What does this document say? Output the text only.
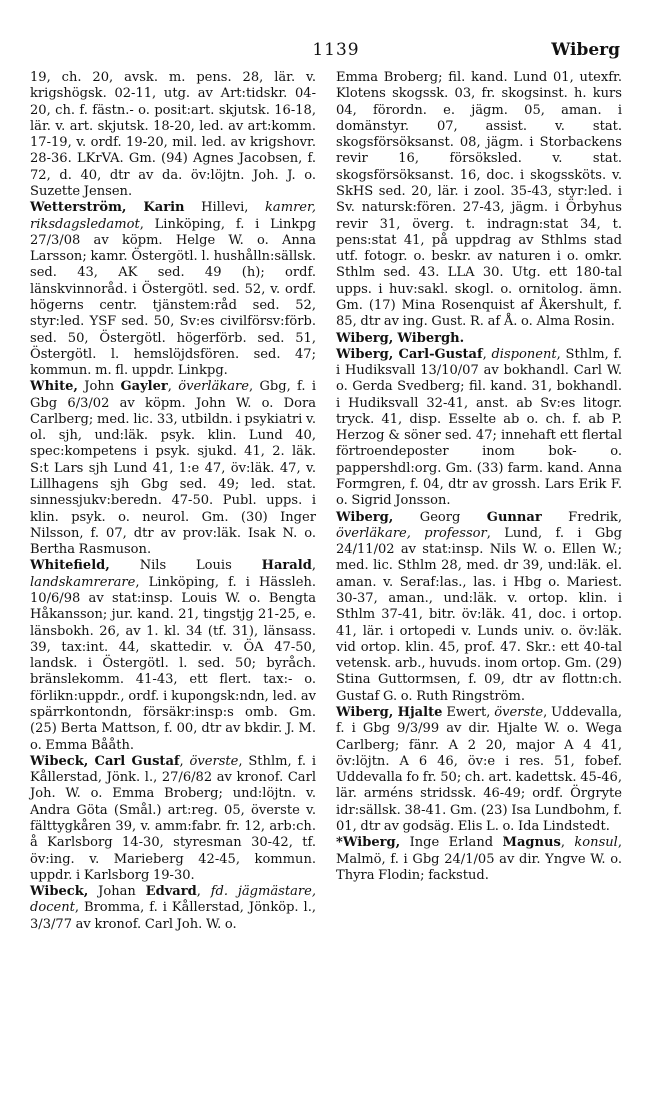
1139	Wiberg

19, ch. 20, avsk. m. pens. 28, lär. v. krigshögsk. 02-11, utg. av Art:tidskr. 04-20, ch. f. fästn.- o. posit:art. skjutsk. 16-18, lär. v. art. skjutsk. 18-20, led. av art:komm. 17-19, v. ordf. 19-20, mil. led. av krigshovr. 28-36. LKrVA. Gm. (94) Agnes Jacobsen, f. 72, d. 40, dtr av da. öv:löjtn. Joh. J. o. Suzette Jensen.

Wetterström, Karin Hillevi, kamrer, riksdagsledamot, Linköping, f. i Linkpg 27/3/08 av köpm. Helge W. o. Anna Larsson; kamr. Östergötl. l. hushålln:sällsk. sed. 43, AK sed. 49 (h); ordf. länskvinnoråd. i Östergötl. sed. 52, v. ordf. högerns centr. tjänstem:råd sed. 52, styr:led. YSF sed. 50, Sv:es civilförsv:förb. sed. 50, Östergötl. högerförb. sed. 51, Östergötl. l. hemslöjdsfören. sed. 47; kommun. m. fl. uppdr. Linkpg.

White, John Gayler, överläkare, Gbg, f. i Gbg 6/3/02 av köpm. John W. o. Dora Carlberg; med. lic. 33, utbildn. i psykiatri v. ol. sjh, und:läk. psyk. klin. Lund 40, spec:kompetens i psyk. sjukd. 41, 2. läk. S:t Lars sjh Lund 41, 1:e 47, öv:läk. 47, v. Lillhagens sjh Gbg sed. 49; led. stat. sinnessjukv:beredn. 47-50. Publ. upps. i klin. psyk. o. neurol. Gm. (30) Inger Nilsson, f. 07, dtr av prov:läk. Isak N. o. Bertha Rasmuson.

Whitefield, Nils Louis Harald, landskamrerare, Linköping, f. i Hässleh. 10/6/98 av stat:insp. Louis W. o. Bengta Håkansson; jur. kand. 21, tingstjg 21-25, e. länsbokh. 26, av 1. kl. 34 (tf. 31), länsass. 39, tax:int. 44, skattedir. v. ÖA 47-50, landsk. i Östergötl. l. sed. 50; byråch. bränslekomm. 41-43, ett flert. tax:- o. förlikn:uppdr., ordf. i kupongsk:ndn, led. av spärrkontondn, försäkr:insp:s omb. Gm. (25) Berta Mattson, f. 00, dtr av bkdir. J. M. o. Emma Bååth.

Wibeck, Carl Gustaf, överste, Sthlm, f. i Kållerstad, Jönk. l., 27/6/82 av kronof. Carl Joh. W. o. Emma Broberg; und:löjtn. v. Andra Göta (Smål.) art:reg. 05, överste v. fälttygkåren 39, v. amm:fabr. fr. 12, arb:ch. å Karlsborg 14-30, styresman 30-42, tf. öv:ing. v. Marieberg 42-45, kommun. uppdr. i Karlsborg 19-30.

Wibeck, Johan Edvard, fd. jägmästare, docent, Bromma, f. i Kållerstad, Jönköp. l., 3/3/77 av kronof. Carl Joh. W. o.

Emma Broberg; fil. kand. Lund 01, utexfr. Klotens skogssk. 03, fr. skogsinst. h. kurs 04, förordn. e. jägm. 05, aman. i domänstyr. 07, assist. v. stat. skogsförsöksanst. 08, jägm. i Storbackens revir 16, försöksled. v. stat. skogsförsöksanst. 16, doc. i skogssköts. v. SkHS sed. 20, lär. i zool. 35-43, styr:led. i Sv. natursk:fören. 27-43, jägm. i Örbyhus revir 31, överg. t. indragn:stat 34, t. pens:stat 41, på uppdrag av Sthlms stad utf. fotogr. o. beskr. av naturen i o. omkr. Sthlm sed. 43. LLA 30. Utg. ett 180-tal upps. i huv:sakl. skogl. o. ornitolog. ämn. Gm. (17) Mina Rosenquist af Åkershult, f. 85, dtr av ing. Gust. R. af Å. o. Alma Rosin.

Wiberg, Wibergh.

Wiberg, Carl-Gustaf, disponent, Sthlm, f. i Hudiksvall 13/10/07 av bokhandl. Carl W. o. Gerda Svedberg; fil. kand. 31, bokhandl. i Hudiksvall 32-41, anst. ab Sv:es litogr. tryck. 41, disp. Esselte ab o. ch. f. ab P. Herzog & söner sed. 47; innehaft ett flertal förtroendeposter inom bok- o. pappershdl:org. Gm. (33) farm. kand. Anna Formgren, f. 04, dtr av grossh. Lars Erik F. o. Sigrid Jonsson.

Wiberg, Georg Gunnar Fredrik, överläkare, professor, Lund, f. i Gbg 24/11/02 av stat:insp. Nils W. o. Ellen W.; med. lic. Sthlm 28, med. dr 39, und:läk. el. aman. v. Seraf:las., las. i Hbg o. Mariest. 30-37, aman., und:läk. v. ortop. klin. i Sthlm 37-41, bitr. öv:läk. 41, doc. i ortop. 41, lär. i ortopedi v. Lunds univ. o. öv:läk. vid ortop. klin. 45, prof. 47. Skr.: ett 40-tal vetensk. arb., huvuds. inom ortop. Gm. (29) Stina Guttormsen, f. 09, dtr av flottn:ch. Gustaf G. o. Ruth Ringström.

Wiberg, Hjalte Ewert, överste, Uddevalla, f. i Gbg 9/3/99 av dir. Hjalte W. o. Wega Carlberg; fänr. A 2 20, major A 4 41, öv:löjtn. A 6 46, öv:e i res. 51, fobef. Uddevalla fo fr. 50; ch. art. kadettsk. 45-46, lär. arméns stridssk. 46-49; ordf. Örgryte idr:sällsk. 38-41. Gm. (23) Isa Lundbohm, f. 01, dtr av godsäg. Elis L. o. Ida Lindstedt.

*Wiberg, Inge Erland Magnus, konsul, Malmö, f. i Gbg 24/1/05 av dir. Yngve W. o. Thyra Flodin; fackstud.
